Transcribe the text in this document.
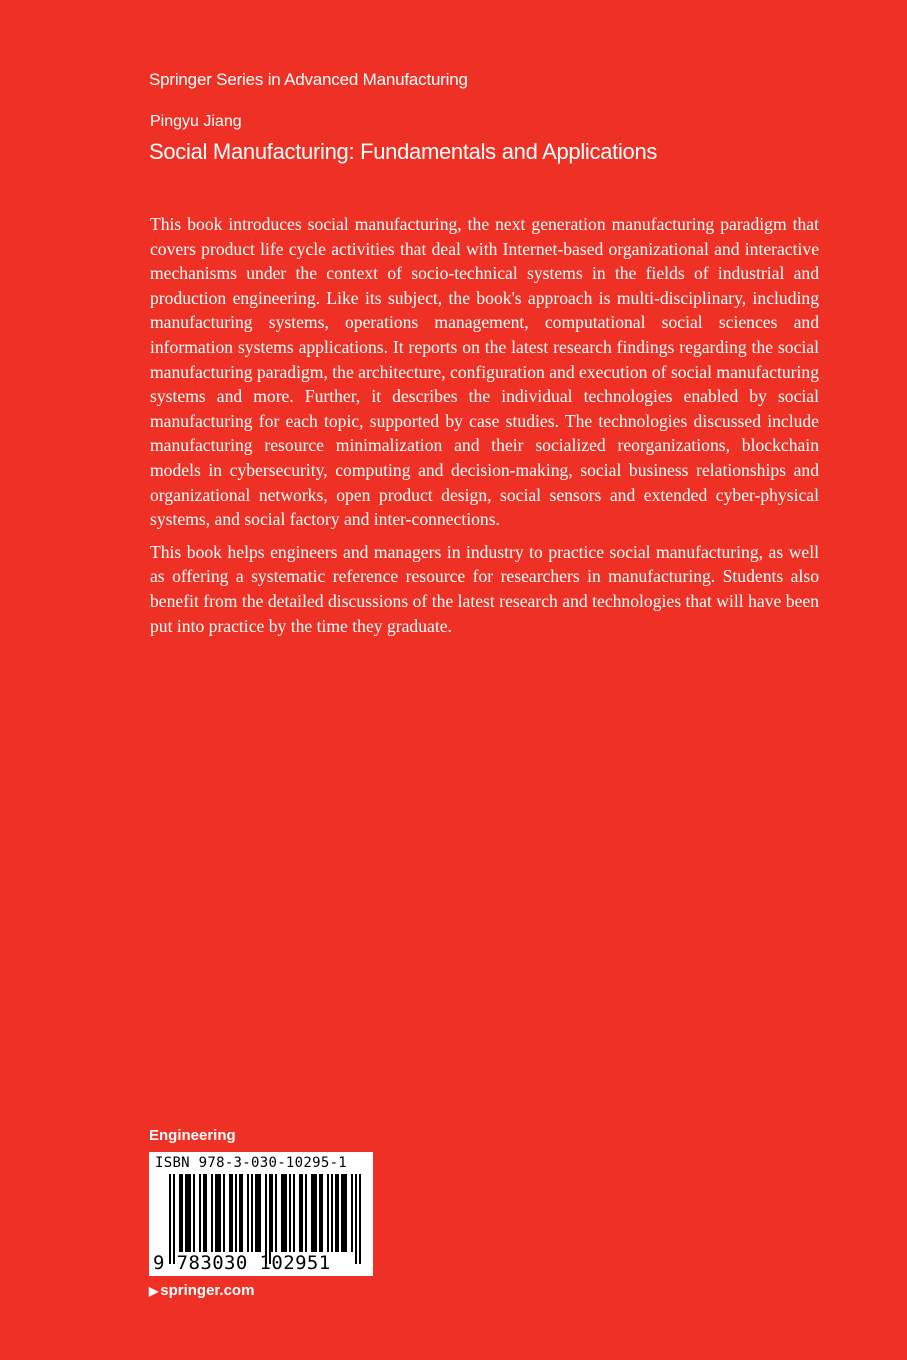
Springer Series in Advanced Manufacturing
Pingyu Jiang
Social Manufacturing: Fundamentals and Applications

This book introduces social manufacturing, the next generation manufacturing paradigm that covers product life cycle activities that deal with Internet-based organizational and interactive mechanisms under the context of socio-technical systems in the fields of industrial and production engineering. Like its subject, the book's approach is multi-disciplinary, including manufacturing systems, operations management, computational social sciences and information systems applications. It reports on the latest research findings regarding the social manufacturing paradigm, the architecture, configuration and execution of social manufacturing systems and more. Further, it describes the individual technologies enabled by social manufacturing for each topic, supported by case studies. The technologies discussed include manufacturing resource minimalization and their socialized reorganizations, blockchain models in cybersecurity, computing and decision-making, social business relationships and organizational networks, open product design, social sensors and extended cyber-physical systems, and social factory and inter-connections.

This book helps engineers and managers in industry to practice social manufacturing, as well as offering a systematic reference resource for researchers in manufacturing. Students also benefit from the detailed discussions of the latest research and technologies that will have been put into practice by the time they graduate.

Engineering
ISBN 978-3-030-10295-1
9 783030 102951
▶ springer.com
